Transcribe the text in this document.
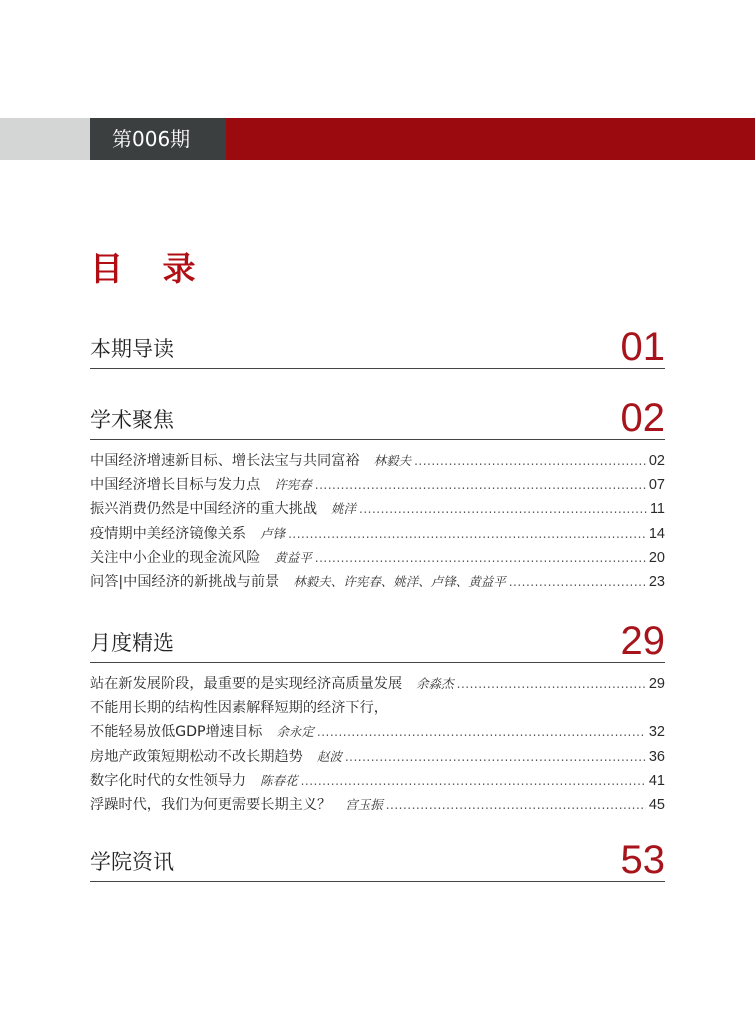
第006期
目 录
本期导读	01
学术聚焦	02
中国经济增速新目标、增长法宝与共同富裕 林毅夫 .....	02
中国经济增长目标与发力点 许宪春 .....	07
振兴消费仍然是中国经济的重大挑战 姚洋 .....	11
疫情期中美经济镜像关系 卢锋 .....	14
关注中小企业的现金流风险 黄益平 .....	20
问答|中国经济的新挑战与前景 林毅夫、许宪春、姚洋、卢锋、黄益平 .....	23
月度精选	29
站在新发展阶段，最重要的是实现经济高质量发展 余淼杰 .....	29
不能用长期的结构性因素解释短期的经济下行，
不能轻易放低GDP增速目标 余永定 .....	32
房地产政策短期松动不改长期趋势 赵波 .....	36
数字化时代的女性领导力 陈春花 .....	41
浮躁时代，我们为何更需要长期主义？ 宫玉振 .....	45
学院资讯	53
